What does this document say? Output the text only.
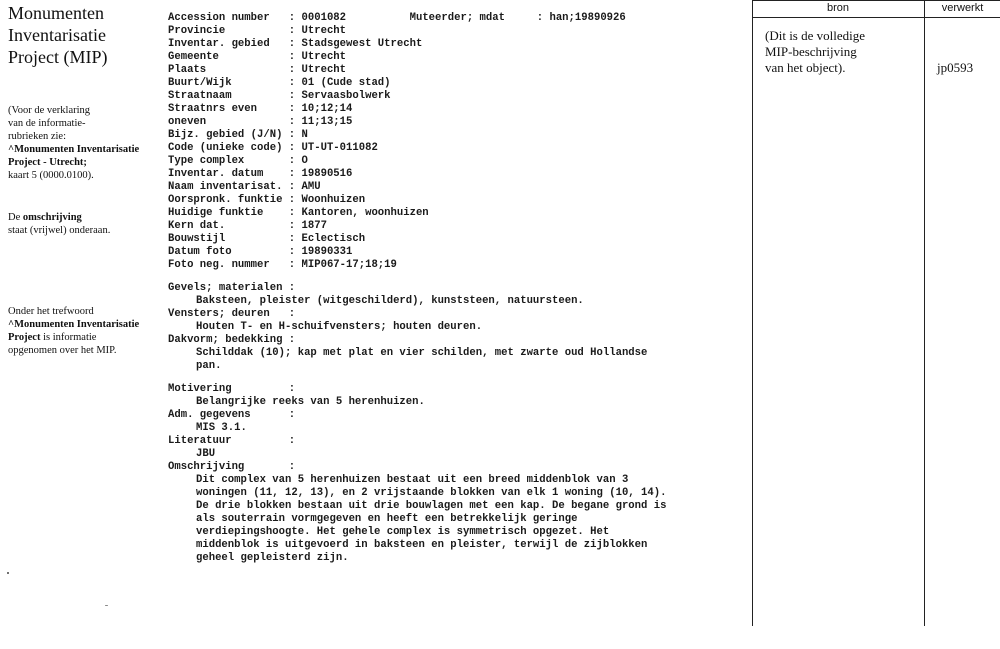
Monumenten
Inventarisatie
Project (MIP)
(Voor de verklaring
van de informatie-
rubrieken zie:
^Monumenten Inventarisatie
Project - Utrecht;
kaart 5 (0000.0100).
De omschrijving
staat (vrijwel) onderaan.
Onder het trefwoord
^Monumenten Inventarisatie
Project is informatie
opgenomen over het MIP.
Accession number   : 0001082          Muteerder; mdat     : han;19890926
Provincie          : Utrecht
Inventar. gebied   : Stadsgewest Utrecht
Gemeente           : Utrecht
Plaats             : Utrecht
Buurt/Wijk         : 01 (Cude stad)
Straatnaam         : Servaasbolwerk
Straatnrs even     : 10;12;14
oneven             : 11;13;15
Bijz. gebied (J/N) : N
Code (unieke code) : UT-UT-011082
Type complex       : O
Inventar. datum    : 19890516
Naam inventarisat. : AMU
Oorspronk. funktie : Woonhuizen
Huidige funktie    : Kantoren, woonhuizen
Kern dat.          : 1877
Bouwstijl          : Eclectisch
Datum foto         : 19890331
Foto neg. nummer   : MIP067-17;18;19
Gevels; materialen :
Baksteen, pleister (witgeschilderd), kunststeen, natuursteen.
Vensters; deuren   :
Houten T- en H-schuifvensters; houten deuren.
Dakvorm; bedekking :
Schilddak (10); kap met plat en vier schilden, met zwarte oud Hollandse
pan.
Motivering         :
Belangrijke reeks van 5 herenhuizen.
Adm. gegevens      :
MIS 3.1.
Literatuur         :
JBU
Omschrijving       :
Dit complex van 5 herenhuizen bestaat uit een breed middenblok van 3
woningen (11, 12, 13), en 2 vrijstaande blokken van elk 1 woning (10, 14).
De drie blokken bestaan uit drie bouwlagen met een kap. De begane grond is
als souterrain vormgegeven en heeft een betrekkelijk geringe
verdiepingshoogte. Het gehele complex is symmetrisch opgezet. Het
middenblok is uitgevoerd in baksteen en pleister, terwijl de zijblokken
geheel gepleisterd zijn.
bron	verwerkt
(Dit is de volledige
MIP-beschrijving
van het object).	jp0593
